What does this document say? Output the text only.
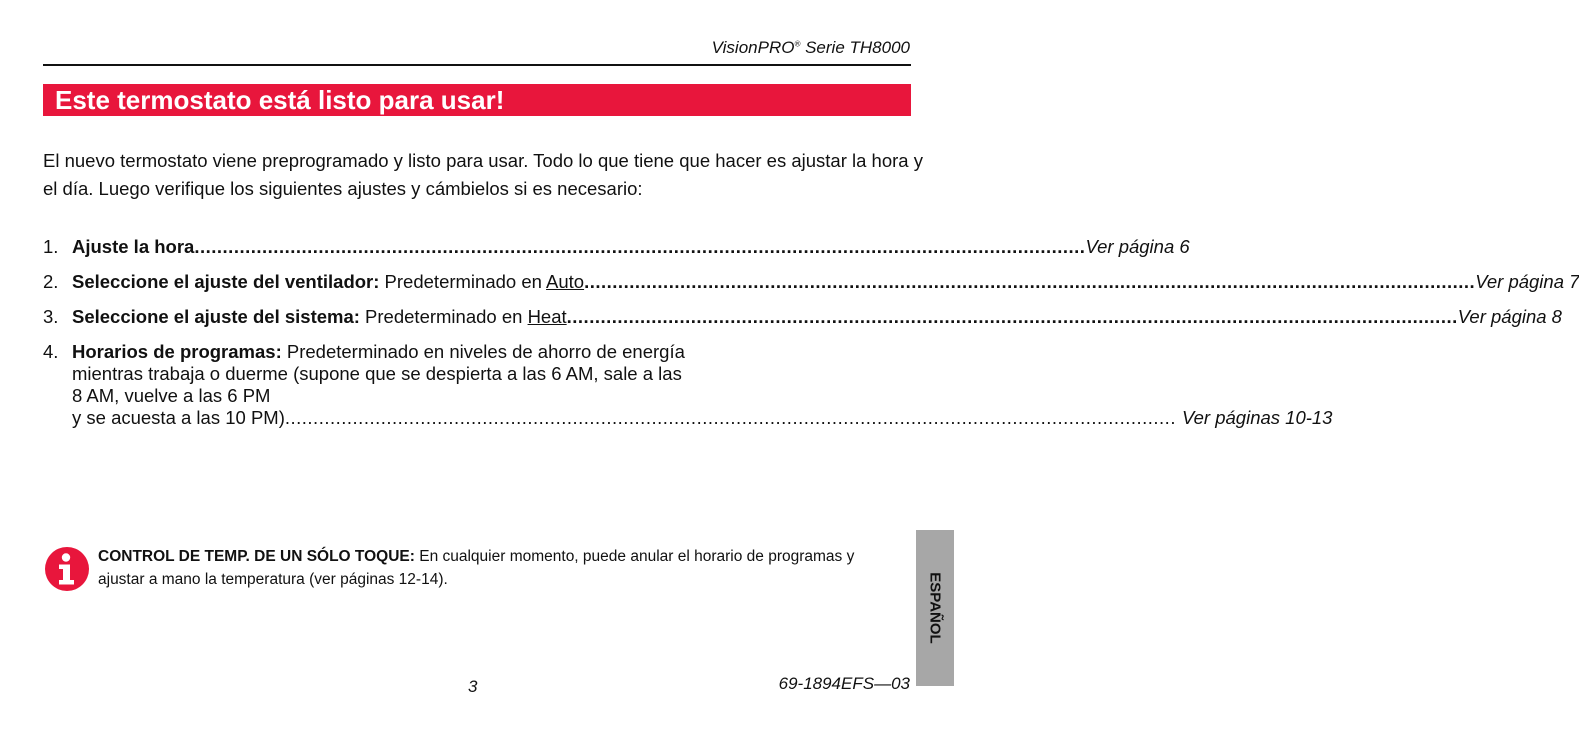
VisionPRO® Serie TH8000
Este termostato está listo para usar!
El nuevo termostato viene preprogramado y listo para usar. Todo lo que tiene que hacer es ajustar la hora y el día. Luego verifique los siguientes ajustes y cámbielos si es necesario:
1. Ajuste la hora .............................................................................................................................................................. Ver página 6
2. Seleccione el ajuste del ventilador: Predeterminado en Auto .............................................................................................................................................................. Ver página 7
3. Seleccione el ajuste del sistema: Predeterminado en Heat .............................................................................................................................................................. Ver página 8
4. Horarios de programas: Predeterminado en niveles de ahorro de energía mientras trabaja o duerme (supone que se despierta a las 6 AM, sale a las 8 AM, vuelve a las 6 PM
y se acuesta a las 10 PM) .............................................................................................................................................................. Ver páginas 10-13
CONTROL DE TEMP. DE UN SÓLO TOQUE: En cualquier momento, puede anular el horario de programas y ajustar a mano la temperatura (ver páginas 12-14).
3	69-1894EFS—03
ESPAÑOL
